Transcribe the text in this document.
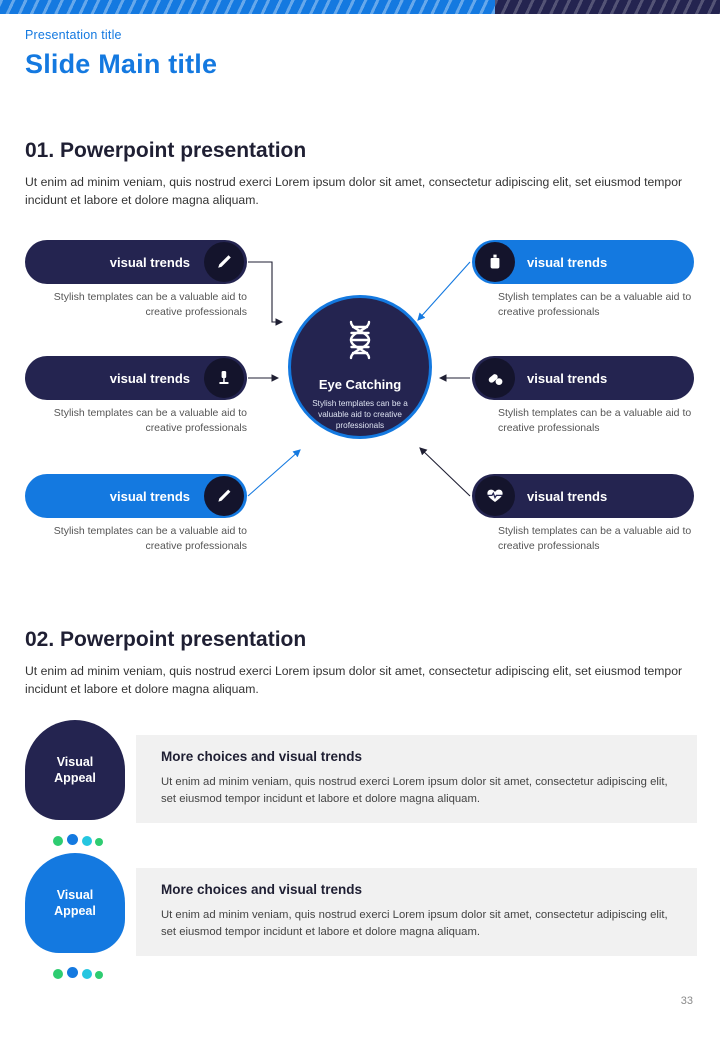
Presentation title
Slide Main title
01. Powerpoint presentation
Ut enim ad minim veniam, quis nostrud exerci Lorem ipsum dolor sit amet, consectetur adipiscing elit, set eiusmod tempor incidunt et labore et dolore magna aliquam.
Eye Catching
Stylish templates can be a valuable aid to creative professionals
visual trends
Stylish templates can be a valuable aid to creative professionals
visual trends
Stylish templates can be a valuable aid to creative professionals
visual trends
Stylish templates can be a valuable aid to creative professionals
visual trends
Stylish templates can be a valuable aid to creative professionals
visual trends
Stylish templates can be a valuable aid to creative professionals
visual trends
Stylish templates can be a valuable aid to creative professionals
02. Powerpoint presentation
Ut enim ad minim veniam, quis nostrud exerci Lorem ipsum dolor sit amet, consectetur adipiscing elit, set eiusmod tempor incidunt et labore et dolore magna aliquam.
More choices and visual trends
Ut enim ad minim veniam, quis nostrud exerci Lorem ipsum dolor sit amet, consectetur adipiscing elit, set eiusmod tempor incidunt et labore et dolore magna aliquam.
Visual
Appeal
More choices and visual trends
Ut enim ad minim veniam, quis nostrud exerci Lorem ipsum dolor sit amet, consectetur adipiscing elit, set eiusmod tempor incidunt et labore et dolore magna aliquam.
Visual
Appeal
33
